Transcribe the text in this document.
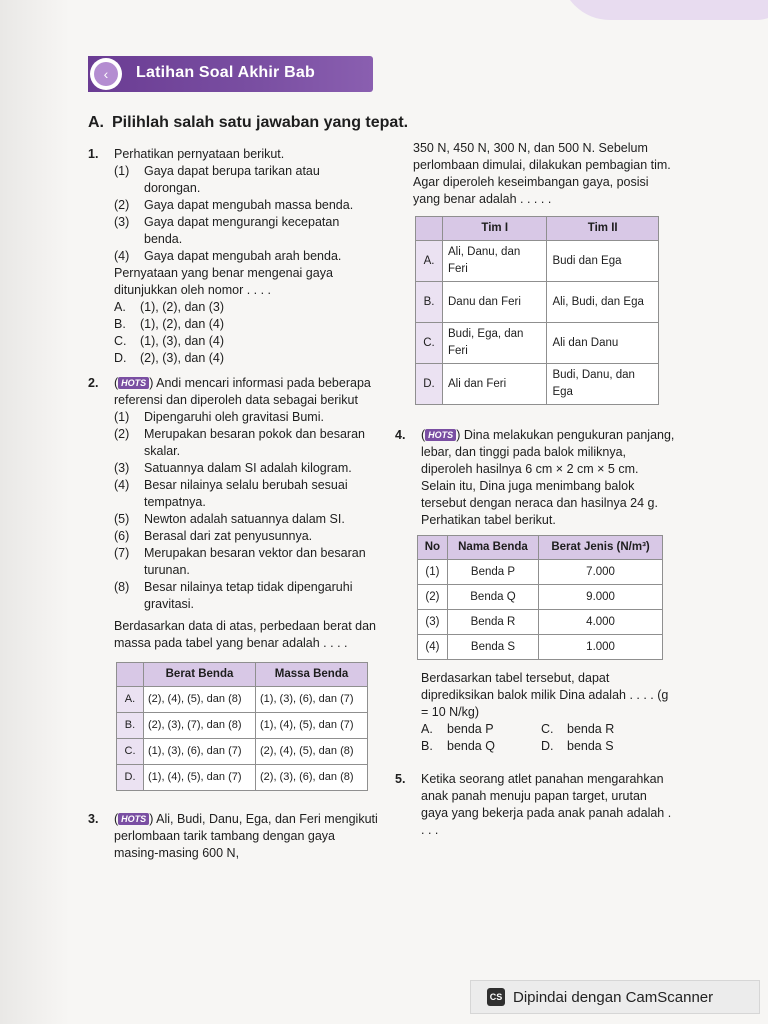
‹	Latihan Soal Akhir Bab
A. Pilihlah salah satu jawaban yang tepat.
1. Perhatikan pernyataan berikut.
(1) Gaya dapat berupa tarikan atau dorongan.
(2) Gaya dapat mengubah massa benda.
(3) Gaya dapat mengurangi kecepatan benda.
(4) Gaya dapat mengubah arah benda.
Pernyataan yang benar mengenai gaya ditunjukkan oleh nomor . . . .
A. (1), (2), dan (3)
B. (1), (2), dan (4)
C. (1), (3), dan (4)
D. (2), (3), dan (4)
2. ( HOTS ) Andi mencari informasi pada beberapa referensi dan diperoleh data sebagai berikut
(1) Dipengaruhi oleh gravitasi Bumi.
(2) Merupakan besaran pokok dan besaran skalar.
(3) Satuannya dalam SI adalah kilogram.
(4) Besar nilainya selalu berubah sesuai tempatnya.
(5) Newton adalah satuannya dalam SI.
(6) Berasal dari zat penyusunnya.
(7) Merupakan besaran vektor dan besaran turunan.
(8) Besar nilainya tetap tidak dipengaruhi gravitasi.
Berdasarkan data di atas, perbedaan berat dan massa pada tabel yang benar adalah . . . .
	Berat Benda	Massa Benda
A.	(2), (4), (5), dan (8)	(1), (3), (6), dan (7)
B.	(2), (3), (7), dan (8)	(1), (4), (5), dan (7)
C.	(1), (3), (6), dan (7)	(2), (4), (5), dan (8)
D.	(1), (4), (5), dan (7)	(2), (3), (6), dan (8)
3. ( HOTS ) Ali, Budi, Danu, Ega, dan Feri mengikuti perlombaan tarik tambang dengan gaya masing-masing 600 N,
350 N, 450 N, 300 N, dan 500 N. Sebelum perlombaan dimulai, dilakukan pembagian tim. Agar diperoleh keseimbangan gaya, posisi yang benar adalah . . . . .
	Tim I	Tim II
A.	Ali, Danu, dan Feri	Budi dan Ega
B.	Danu dan Feri	Ali, Budi, dan Ega
C.	Budi, Ega, dan Feri	Ali dan Danu
D.	Ali dan Feri	Budi, Danu, dan Ega
4. ( HOTS ) Dina melakukan pengukuran panjang, lebar, dan tinggi pada balok miliknya, diperoleh hasilnya 6 cm × 2 cm × 5 cm. Selain itu, Dina juga menimbang balok tersebut dengan neraca dan hasilnya 24 g. Perhatikan tabel berikut.
No	Nama Benda	Berat Jenis (N/m³)
(1)	Benda P	7.000
(2)	Benda Q	9.000
(3)	Benda R	4.000
(4)	Benda S	1.000
Berdasarkan tabel tersebut, dapat diprediksikan balok milik Dina adalah . . . . (g = 10 N/kg)
A. benda P	C. benda R
B. benda Q	D. benda S
5. Ketika seorang atlet panahan mengarahkan anak panah menuju papan target, urutan gaya yang bekerja pada anak panah adalah . . . .
CS Dipindai dengan CamScanner
